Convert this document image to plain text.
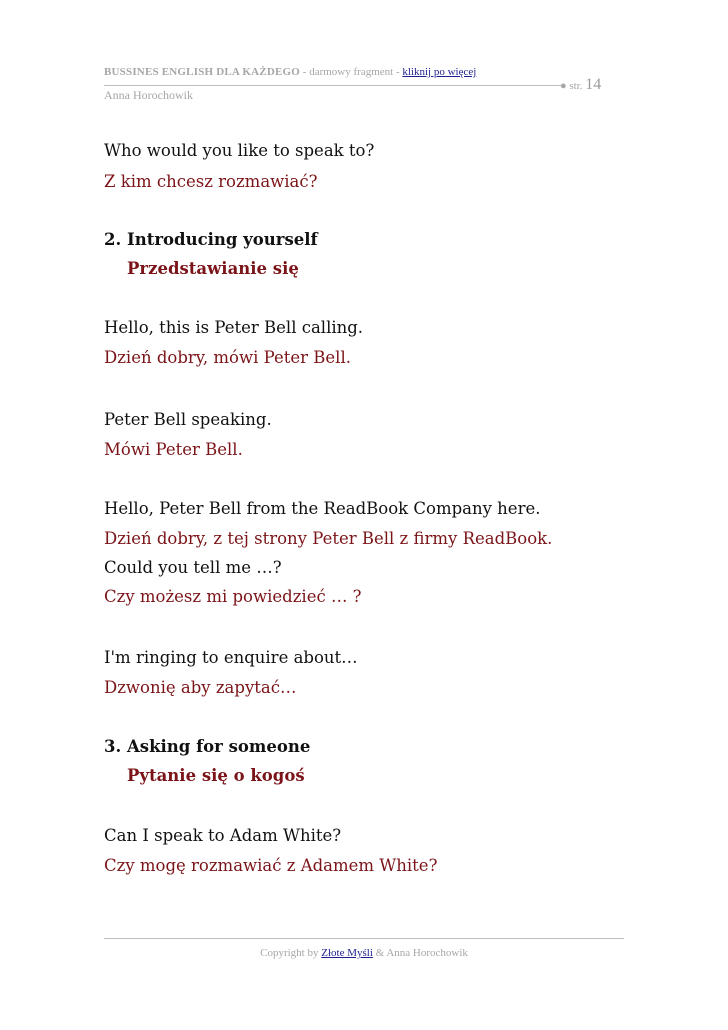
BUSSINES ENGLISH DLA KAŻDEGO - darmowy fragment - kliknij po więcej
Anna Horochowik
● str. 14
Who would you like to speak to?
Z kim chcesz rozmawiać?
2. Introducing yourself
Przedstawianie się
Hello, this is Peter Bell calling.
Dzień dobry, mówi Peter Bell.
Peter Bell speaking.
Mówi Peter Bell.
Hello, Peter Bell from the ReadBook Company here.
Dzień dobry, z tej strony Peter Bell z firmy ReadBook.
Could you tell me …?
Czy możesz mi powiedzieć … ?
I'm ringing to enquire about…
Dzwonię aby zapytać…
3. Asking for someone
Pytanie się o kogoś
Can I speak to Adam White?
Czy mogę rozmawiać z Adamem White?
Copyright by Złote Myśli & Anna Horochowik
